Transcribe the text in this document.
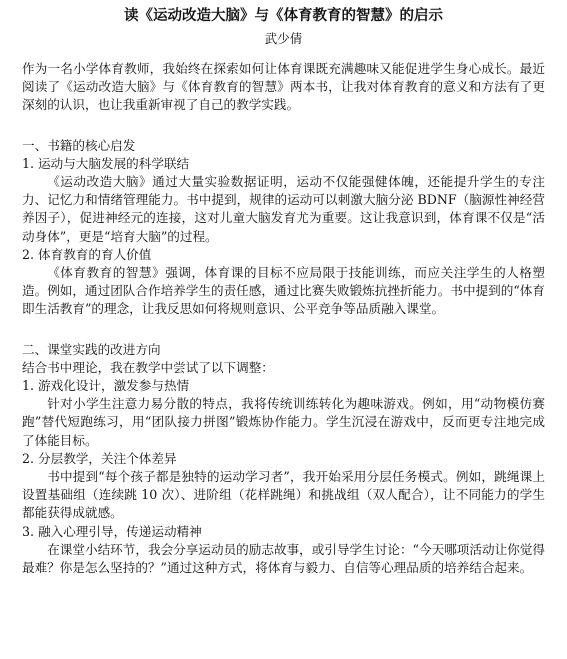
读《运动改造大脑》与《体育教育的智慧》的启示
武少倩

作为一名小学体育教师，我始终在探索如何让体育课既充满趣味又能促进学生身心成长。最近阅读了《运动改造大脑》与《体育教育的智慧》两本书，让我对体育教育的意义和方法有了更深刻的认识，也让我重新审视了自己的教学实践。

一、书籍的核心启发

1. 运动与大脑发展的科学联结

《运动改造大脑》通过大量实验数据证明，运动不仅能强健体魄，还能提升学生的专注力、记忆力和情绪管理能力。书中提到，规律的运动可以刺激大脑分泌 BDNF（脑源性神经营养因子），促进神经元的连接，这对儿童大脑发育尤为重要。这让我意识到，体育课不仅是“活动身体”，更是“培育大脑”的过程。

2. 体育教育的育人价值

《体育教育的智慧》强调，体育课的目标不应局限于技能训练，而应关注学生的人格塑造。例如，通过团队合作培养学生的责任感，通过比赛失败锻炼抗挫折能力。书中提到的“体育即生活教育”的理念，让我反思如何将规则意识、公平竞争等品质融入课堂。

二、课堂实践的改进方向

结合书中理论，我在教学中尝试了以下调整：

1. 游戏化设计，激发参与热情

针对小学生注意力易分散的特点，我将传统训练转化为趣味游戏。例如，用“动物模仿赛跑”替代短跑练习，用“团队接力拼图”锻炼协作能力。学生沉浸在游戏中，反而更专注地完成了体能目标。

2. 分层教学，关注个体差异

书中提到“每个孩子都是独特的运动学习者”，我开始采用分层任务模式。例如，跳绳课上设置基础组（连续跳 10 次）、进阶组（花样跳绳）和挑战组（双人配合），让不同能力的学生都能获得成就感。

3. 融入心理引导，传递运动精神

在课堂小结环节，我会分享运动员的励志故事，或引导学生讨论：“今天哪项活动让你觉得最难？你是怎么坚持的？”通过这种方式，将体育与毅力、自信等心理品质的培养结合起来。
